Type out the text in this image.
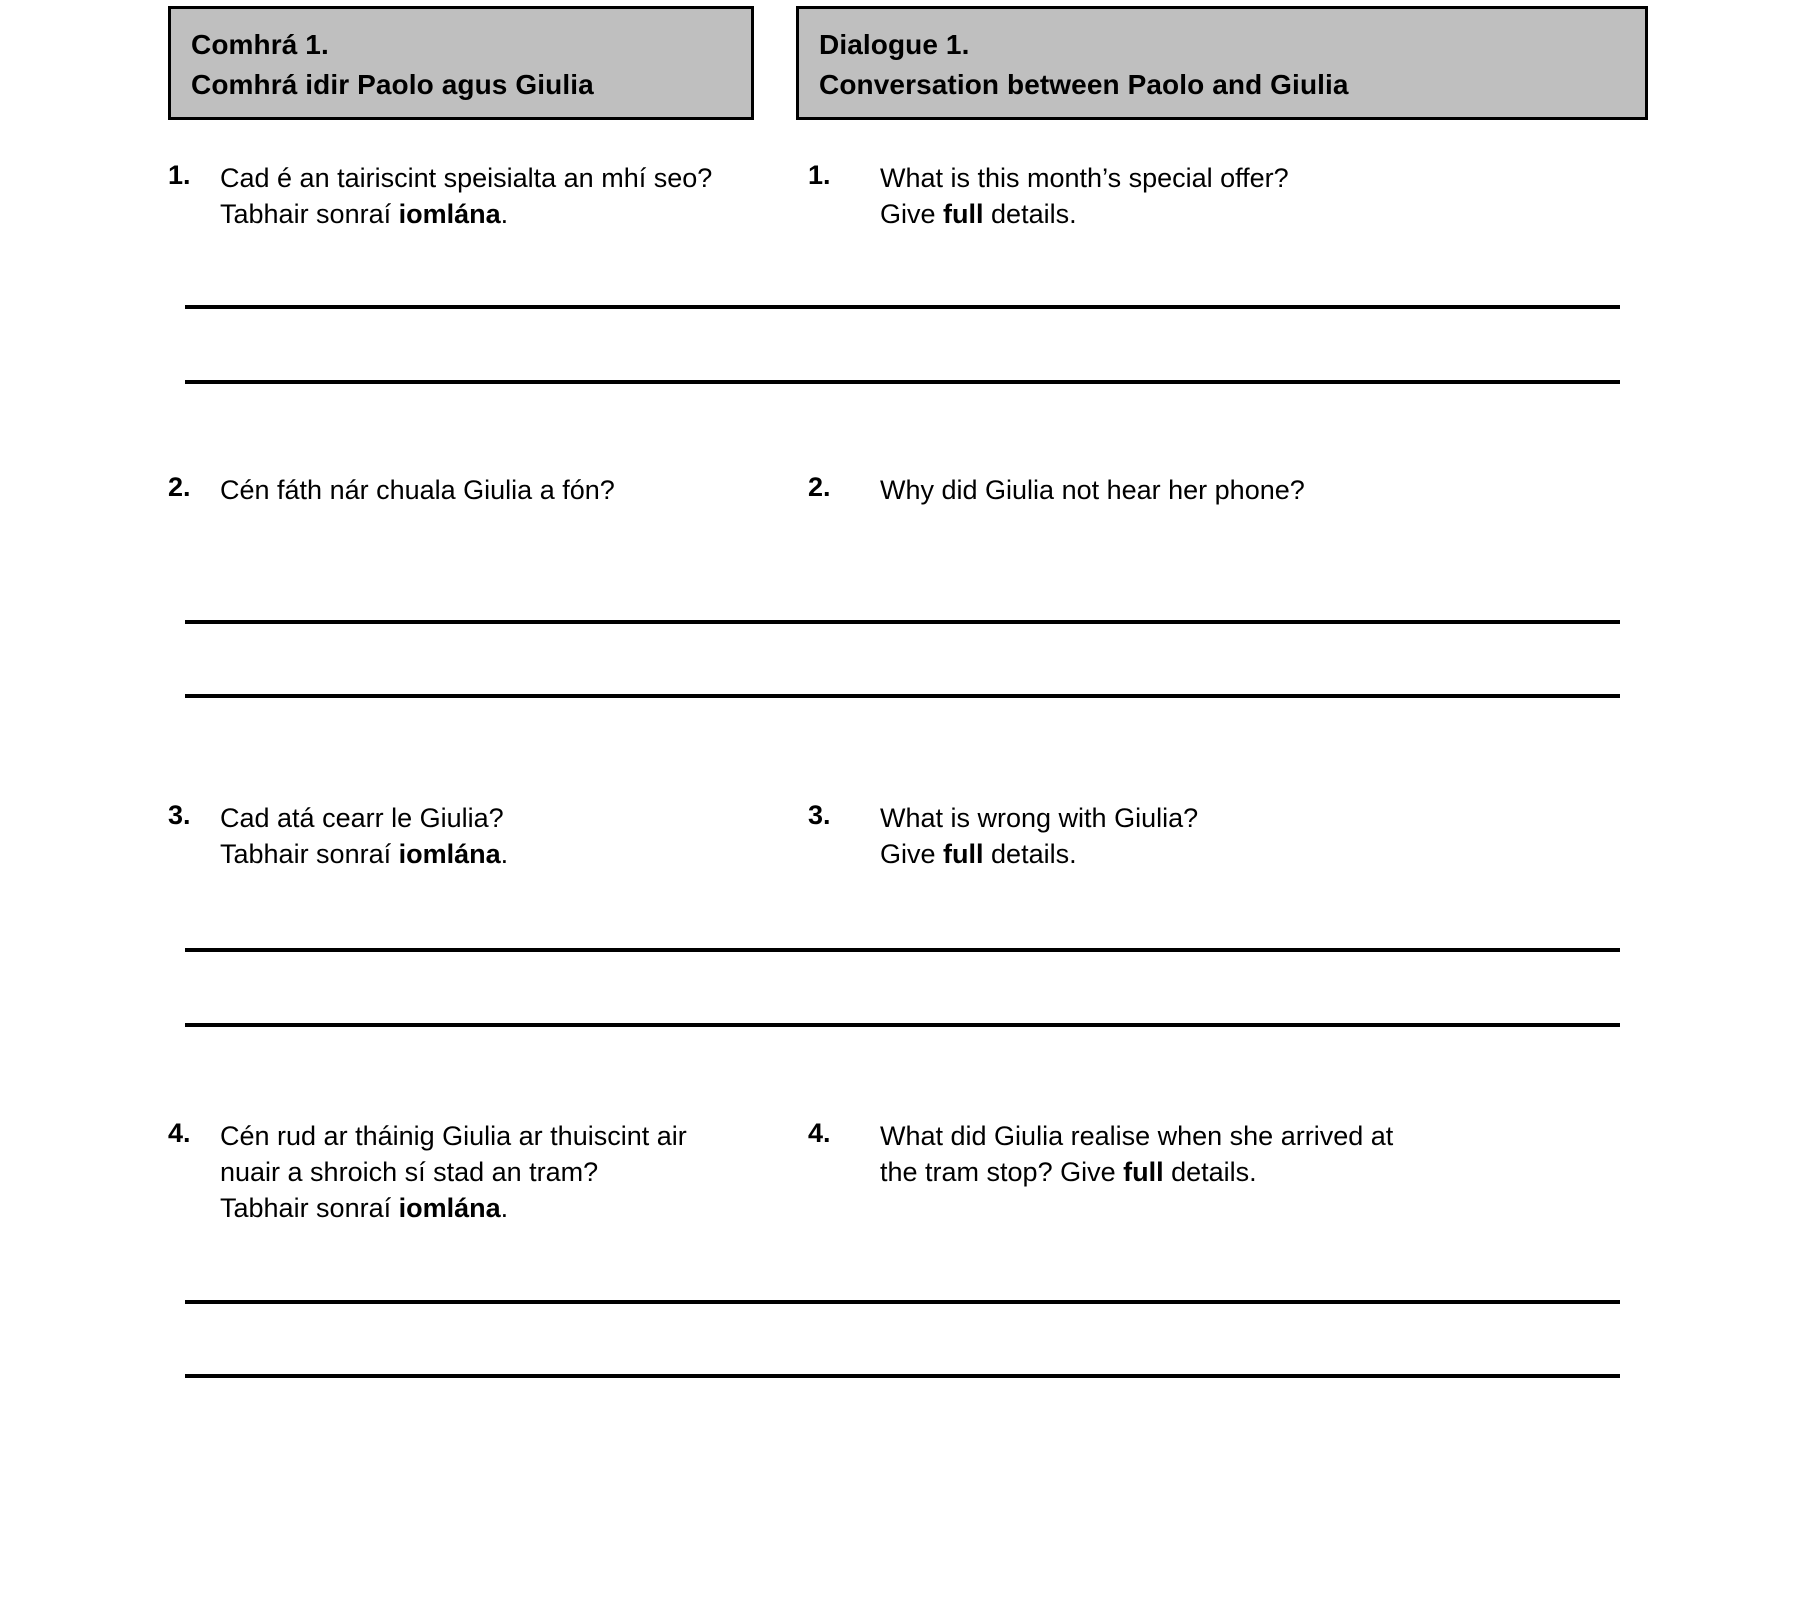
Comhrá 1.
Comhrá idir Paolo agus Giulia
Dialogue 1.
Conversation between Paolo and Giulia
1. Cad é an tairiscint speisialta an mhí seo?
Tabhair sonraí iomlána.
1. What is this month’s special offer?
Give full details.
2. Cén fáth nár chuala Giulia a fón?	2. Why did Giulia not hear her phone?
3. Cad atá cearr le Giulia?
Tabhair sonraí iomlána.
3. What is wrong with Giulia?
Give full details.
4. Cén rud ar tháinig Giulia ar thuiscint air
nuair a shroich sí stad an tram?
Tabhair sonraí iomlána.
4. What did Giulia realise when she arrived at
the tram stop? Give full details.
